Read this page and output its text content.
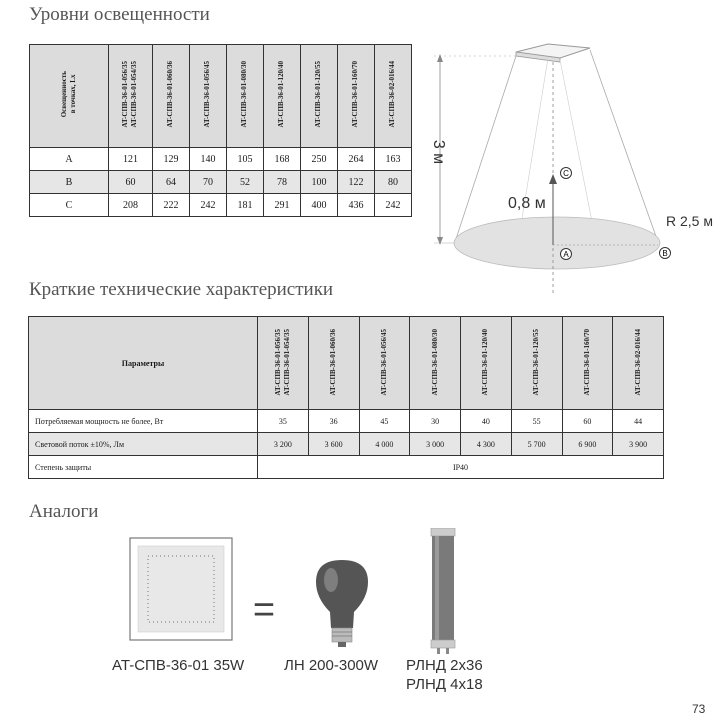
Уровни освещенности
Освещенность в точках, Lx	AT-СПВ-36-01-056/35 AT-СПВ-36-01-054/35	AT-СПВ-36-01-060/36	AT-СПВ-36-01-056/45	AT-СПВ-36-01-080/30	AT-СПВ-36-01-120/40	AT-СПВ-36-01-120/55	AT-СПВ-36-01-160/70	AT-СПВ-36-02-016/44

A	121	129	140	105	168	250	264	163
B	60	64	70	52	78	100	122	80
C	208	222	242	181	291	400	436	242
C
A	B
3 м
0,8 м
R 2,5 м
Краткие технические характеристики
Параметры	AT-СПВ-36-01-056/35 AT-СПВ-36-01-054/35	AT-СПВ-36-01-060/36	AT-СПВ-36-01-056/45	AT-СПВ-36-01-080/30	AT-СПВ-36-01-120/40	AT-СПВ-36-01-120/55	AT-СПВ-36-01-160/70	AT-СПВ-36-02-016/44

Потребляемая мощность не более, Вт	35	36	45	30	40	55	60	44
Световой поток ±10%, Лм	3 200	3 600	4 000	3 000	4 300	5 700	6 900	3 900
Степень защиты	IP40							
Аналоги
=
AT-СПВ-36-01 35W	ЛН 200-300W РЛНД 2x36
РЛНД 4x18
73
